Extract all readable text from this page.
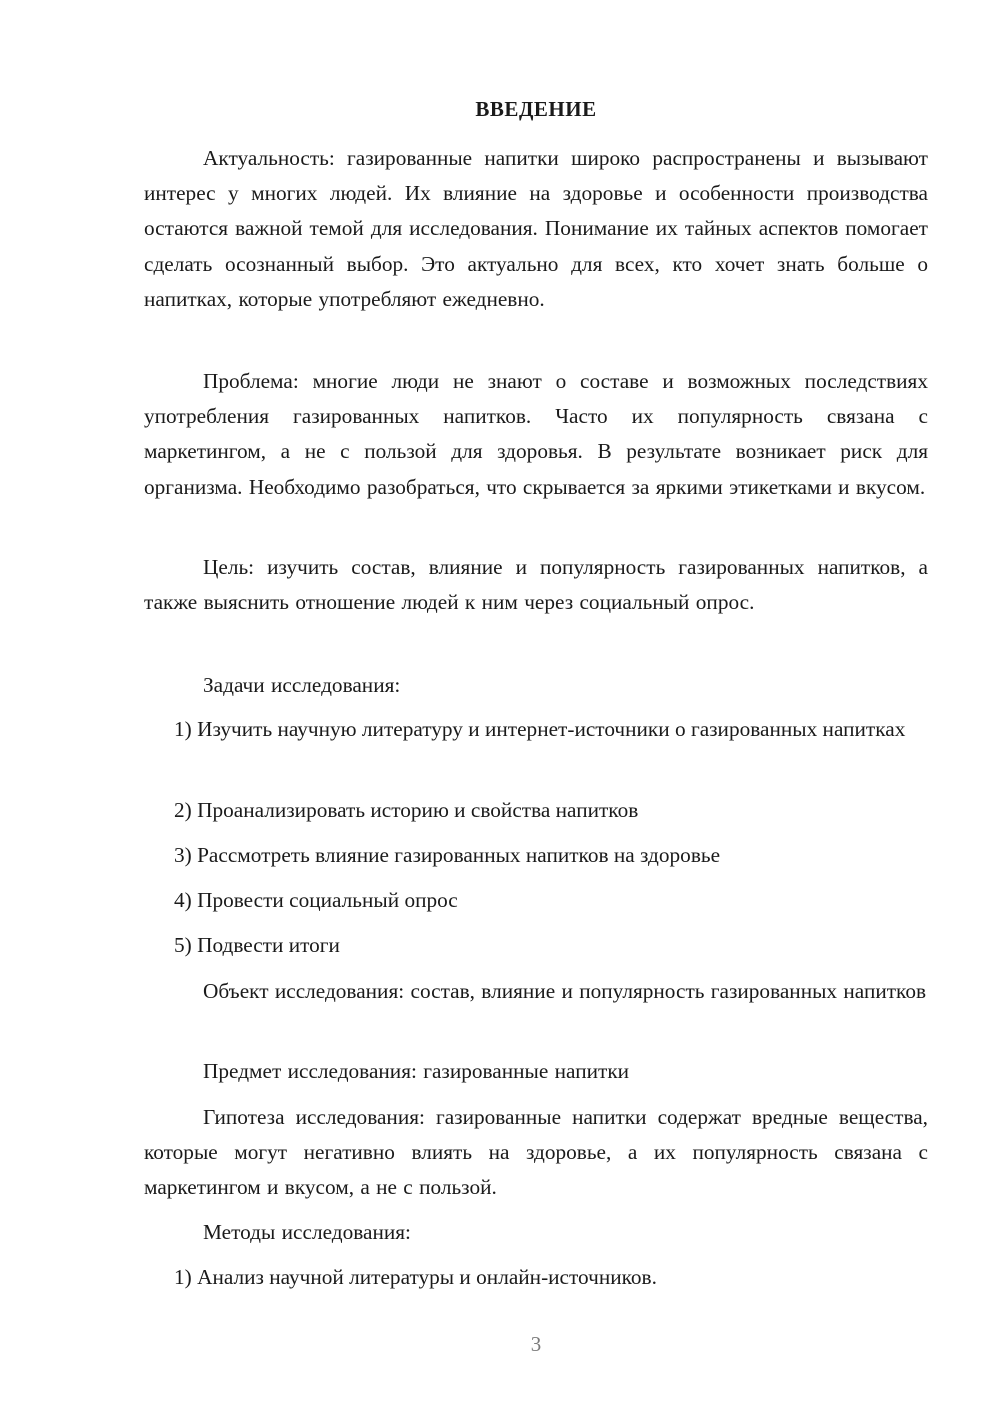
ВВЕДЕНИЕ

Актуальность: газированные напитки широко распространены и вызывают интерес у многих людей. Их влияние на здоровье и особенности производства остаются важной темой для исследования. Понимание их тайных аспектов помогает сделать осознанный выбор. Это актуально для всех, кто хочет знать больше о напитках, которые употребляют ежедневно.

Проблема: многие люди не знают о составе и возможных последствиях употребления газированных напитков. Часто их популярность связана с маркетингом, а не с пользой для здоровья. В результате возникает риск для организма. Необходимо разобраться, что скрывается за яркими этикетками и вкусом.

Цель: изучить состав, влияние и популярность газированных напитков, а также выяснить отношение людей к ним через социальный опрос.

Задачи исследования:

1) Изучить научную литературу и интернет-источники о газированных напитках

2) Проанализировать историю и свойства напитков

3) Рассмотреть влияние газированных напитков на здоровье

4) Провести социальный опрос

5) Подвести итоги

Объект исследования: состав, влияние и популярность газированных напитков

Предмет исследования: газированные напитки

Гипотеза исследования: газированные напитки содержат вредные вещества, которые могут негативно влиять на здоровье, а их популярность связана с маркетингом и вкусом, а не с пользой.

Методы исследования:

1) Анализ научной литературы и онлайн-источников.

3
